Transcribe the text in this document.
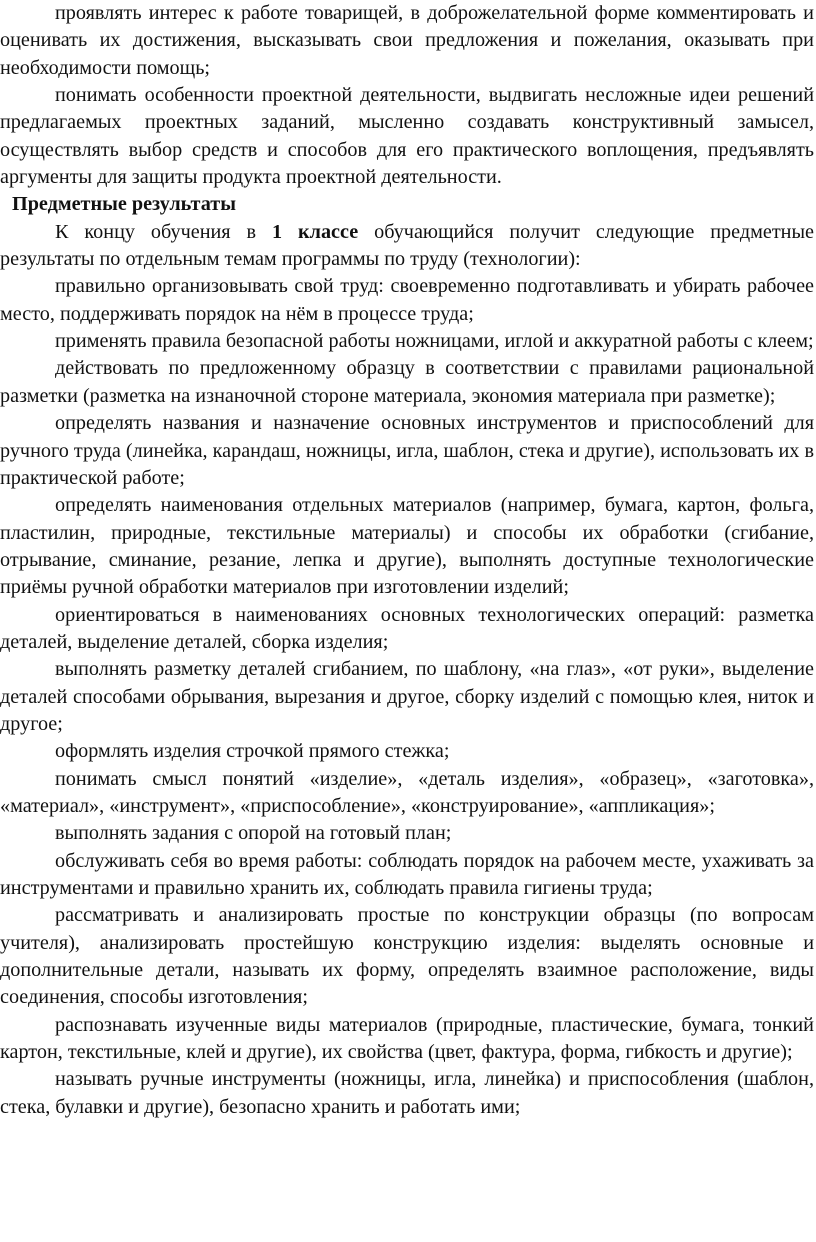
проявлять интерес к работе товарищей, в доброжелательной форме комментировать и оценивать их достижения, высказывать свои предложения и пожелания, оказывать при необходимости помощь;

понимать особенности проектной деятельности, выдвигать несложные идеи решений предлагаемых проектных заданий, мысленно создавать конструктивный замысел, осуществлять выбор средств и способов для его практического воплощения, предъявлять аргументы для защиты продукта проектной деятельности.

Предметные результаты

К концу обучения в 1 классе обучающийся получит следующие предметные результаты по отдельным темам программы по труду (технологии):

правильно организовывать свой труд: своевременно подготавливать и убирать рабочее место, поддерживать порядок на нём в процессе труда;

применять правила безопасной работы ножницами, иглой и аккуратной работы с клеем;

действовать по предложенному образцу в соответствии с правилами рациональной разметки (разметка на изнаночной стороне материала, экономия материала при разметке);

определять названия и назначение основных инструментов и приспособлений для ручного труда (линейка, карандаш, ножницы, игла, шаблон, стека и другие), использовать их в практической работе;

определять наименования отдельных материалов (например, бумага, картон, фольга, пластилин, природные, текстильные материалы) и способы их обработки (сгибание, отрывание, сминание, резание, лепка и другие), выполнять доступные технологические приёмы ручной обработки материалов при изготовлении изделий;

ориентироваться в наименованиях основных технологических операций: разметка деталей, выделение деталей, сборка изделия;

выполнять разметку деталей сгибанием, по шаблону, «на глаз», «от руки», выделение деталей способами обрывания, вырезания и другое, сборку изделий с помощью клея, ниток и другое;

оформлять изделия строчкой прямого стежка;

понимать смысл понятий «изделие», «деталь изделия», «образец», «заготовка», «материал», «инструмент», «приспособление», «конструирование», «аппликация»;

выполнять задания с опорой на готовый план;

обслуживать себя во время работы: соблюдать порядок на рабочем месте, ухаживать за инструментами и правильно хранить их, соблюдать правила гигиены труда;

рассматривать и анализировать простые по конструкции образцы (по вопросам учителя), анализировать простейшую конструкцию изделия: выделять основные и дополнительные детали, называть их форму, определять взаимное расположение, виды соединения, способы изготовления;

распознавать изученные виды материалов (природные, пластические, бумага, тонкий картон, текстильные, клей и другие), их свойства (цвет, фактура, форма, гибкость и другие);

называть ручные инструменты (ножницы, игла, линейка) и приспособления (шаблон, стека, булавки и другие), безопасно хранить и работать ими;
